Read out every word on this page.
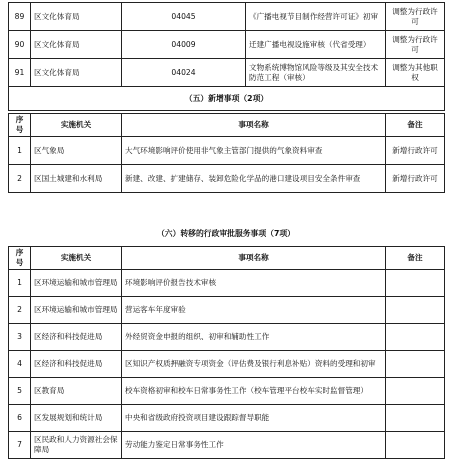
89	区文化体育局	04045	《广播电视节目制作经营许可证》初审	调整为行政许可
90	区文化体育局	04009	迁建广播电视设施审核（代省受理）	调整为行政许可
91	区文化体育局	04024	文物系统博物馆风险等级及其安全技术防范工程（审核）	调整为其他职权
（五）新增事项（2项）				
序号	实施机关	事项名称	备注
1	区气象局	大气环境影响评价使用非气象主管部门提供的气象资料审查	新增行政许可
2	区国土城建和水利局	新建、改建、扩建储存、装卸危险化学品的港口建设项目安全条件审查	新增行政许可
（六）转移的行政审批服务事项（7项）
序号	实施机关	事项名称	备注
1	区环境运输和城市管理局	环境影响评价报告技术审核	
2	区环境运输和城市管理局	营运客车年度审验	
3	区经济和科技促进局	外经贸资金申报的组织、初审和辅助性工作	
4	区经济和科技促进局	区知识产权质押融资专项资金（评估费及银行利息补贴）资料的受理和初审	
5	区教育局	校车资格初审和校车日常事务性工作（校车管理平台校车实时监督管理）	
6	区发展规划和统计局	中央和省级政府投资项目建设跟踪督导职能	
7	区民政和人力资源社会保障局	劳动能力鉴定日常事务性工作	
